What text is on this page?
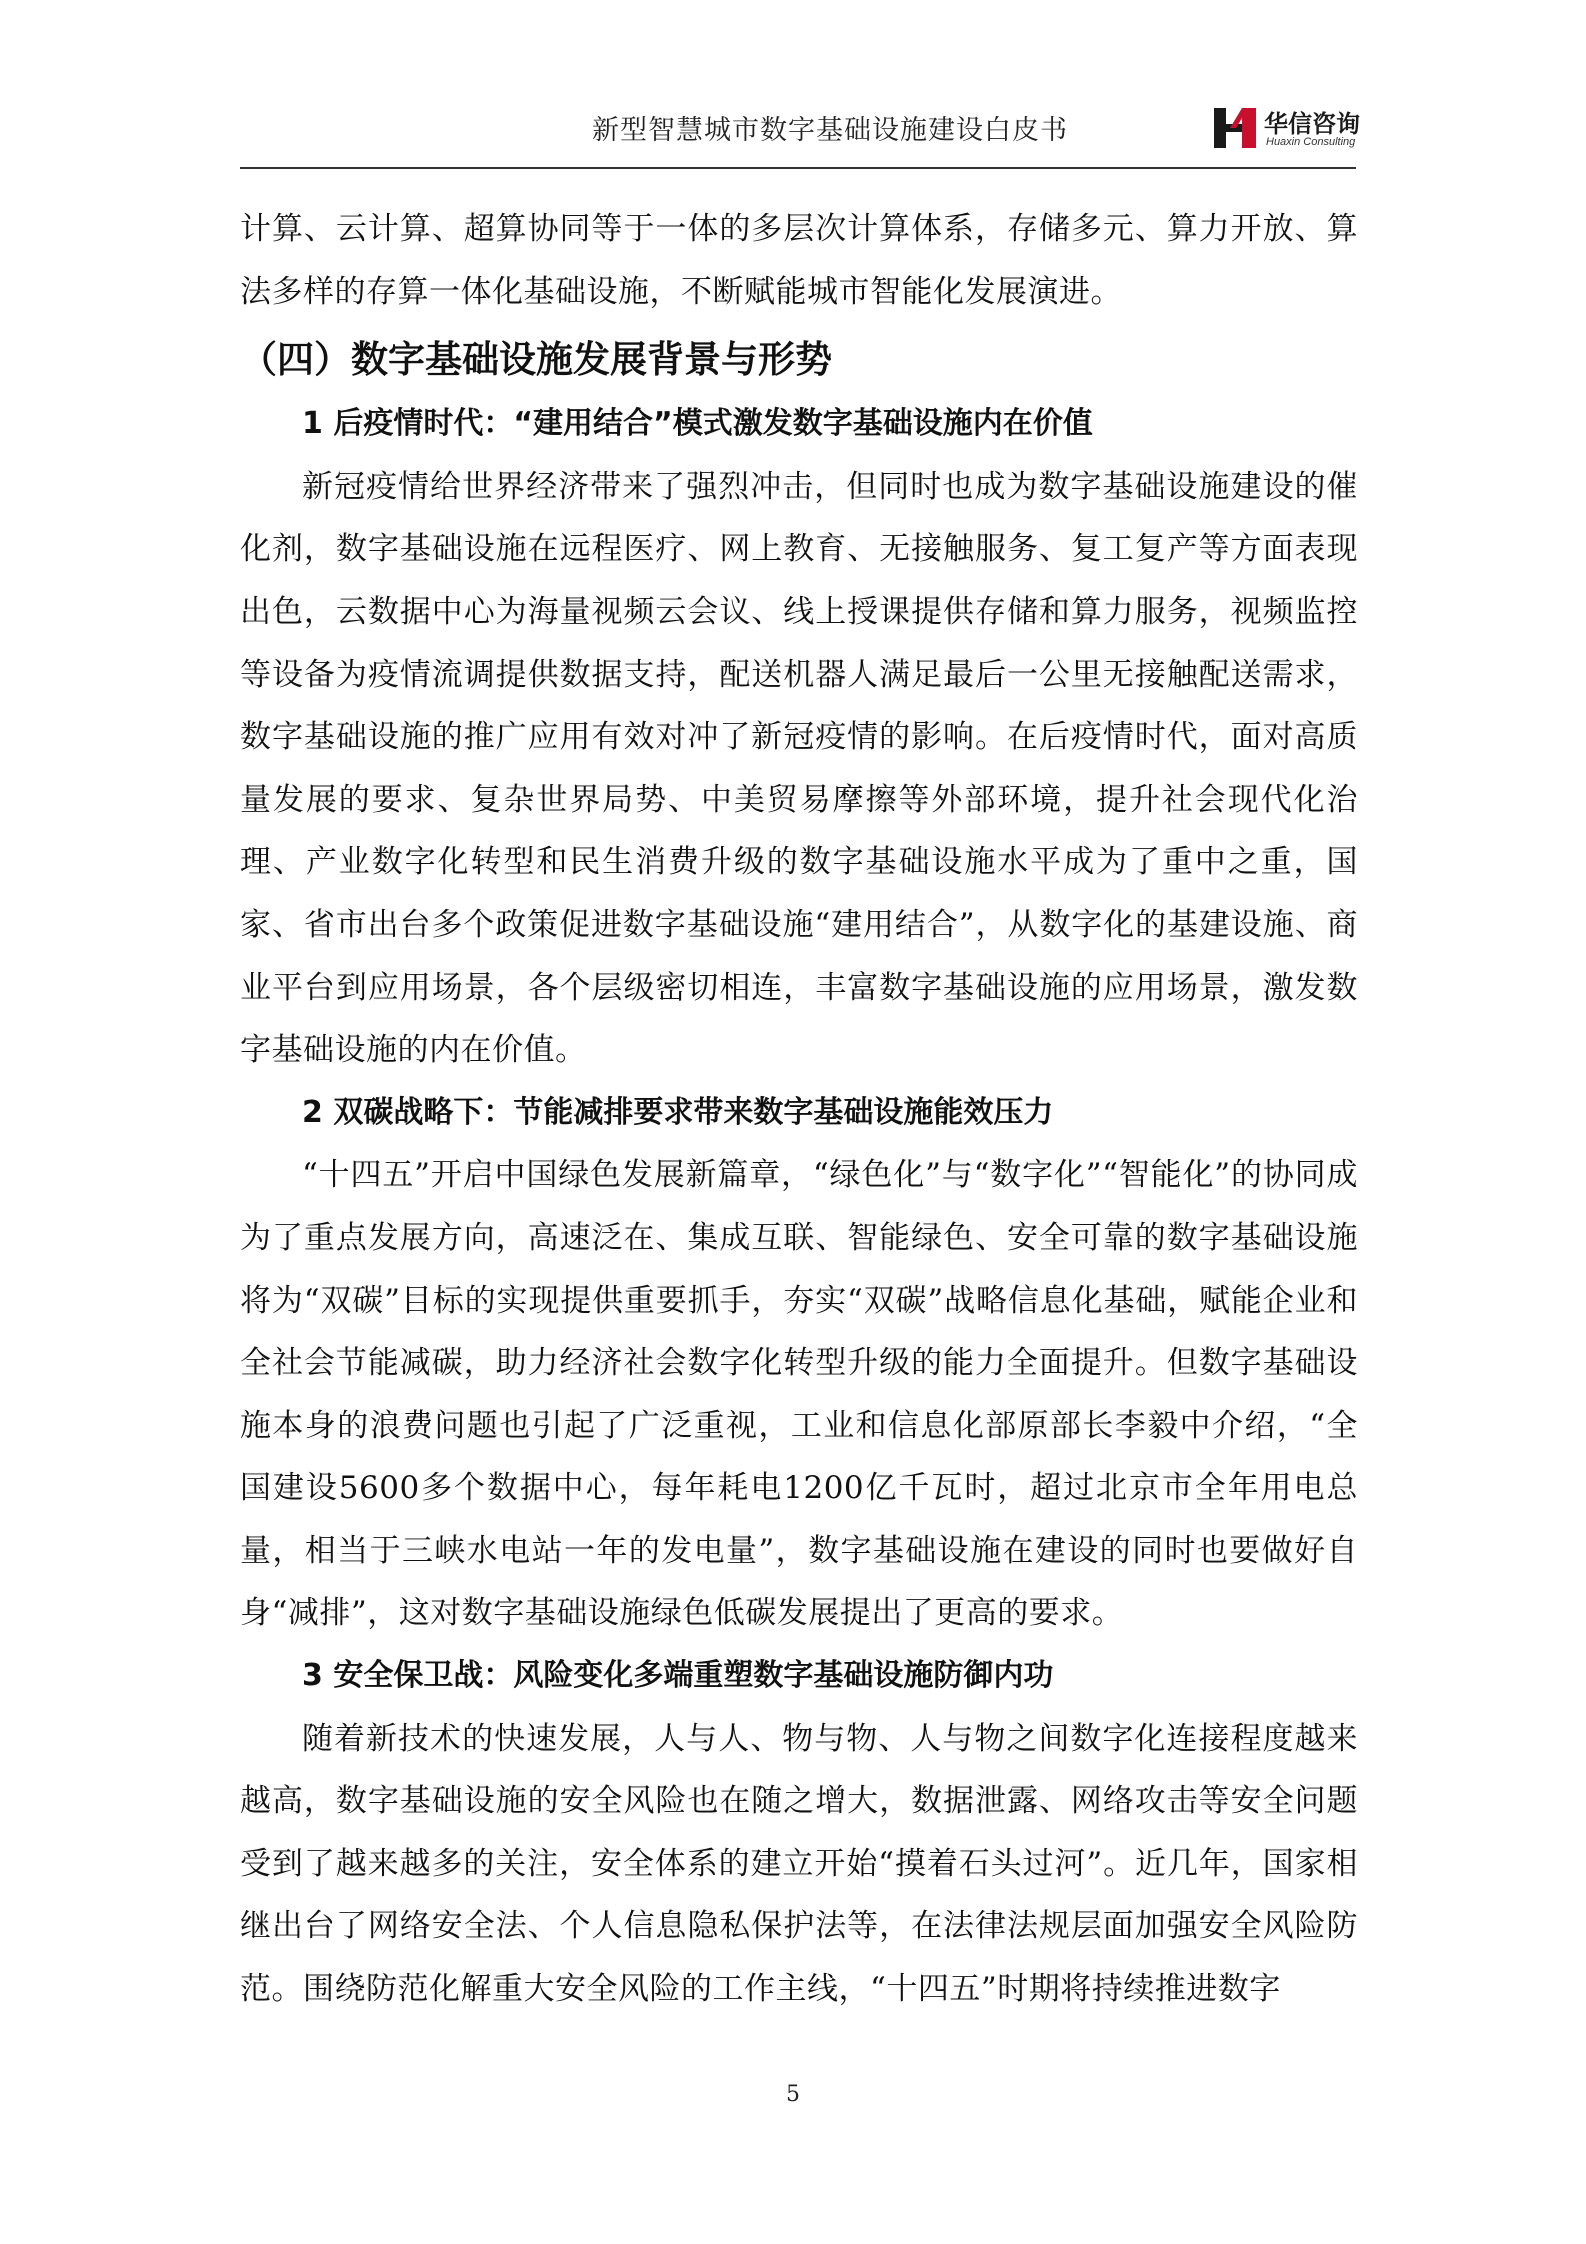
新型智慧城市数字基础设施建设白皮书	华信咨询
Huaxin Consulting

计算、云计算、超算协同等于一体的多层次计算体系，存储多元、算力开放、算法多样的存算一体化基础设施，不断赋能城市智能化发展演进。

（四）数字基础设施发展背景与形势
1 后疫情时代：“建用结合”模式激发数字基础设施内在价值

新冠疫情给世界经济带来了强烈冲击，但同时也成为数字基础设施建设的催化剂，数字基础设施在远程医疗、网上教育、无接触服务、复工复产等方面表现出色，云数据中心为海量视频云会议、线上授课提供存储和算力服务，视频监控等设备为疫情流调提供数据支持，配送机器人满足最后一公里无接触配送需求，数字基础设施的推广应用有效对冲了新冠疫情的影响。在后疫情时代，面对高质量发展的要求、复杂世界局势、中美贸易摩擦等外部环境，提升社会现代化治理、产业数字化转型和民生消费升级的数字基础设施水平成为了重中之重，国家、省市出台多个政策促进数字基础设施“建用结合”，从数字化的基建设施、商业平台到应用场景，各个层级密切相连，丰富数字基础设施的应用场景，激发数字基础设施的内在价值。

2 双碳战略下：节能减排要求带来数字基础设施能效压力

“十四五”开启中国绿色发展新篇章，“绿色化”与“数字化”“智能化”的协同成为了重点发展方向，高速泛在、集成互联、智能绿色、安全可靠的数字基础设施将为“双碳”目标的实现提供重要抓手，夯实“双碳”战略信息化基础，赋能企业和全社会节能减碳，助力经济社会数字化转型升级的能力全面提升。但数字基础设施本身的浪费问题也引起了广泛重视，工业和信息化部原部长李毅中介绍，“全国建设5600多个数据中心，每年耗电1200亿千瓦时，超过北京市全年用电总量，相当于三峡水电站一年的发电量”，数字基础设施在建设的同时也要做好自身“减排”，这对数字基础设施绿色低碳发展提出了更高的要求。

3 安全保卫战：风险变化多端重塑数字基础设施防御内功

随着新技术的快速发展，人与人、物与物、人与物之间数字化连接程度越来越高，数字基础设施的安全风险也在随之增大，数据泄露、网络攻击等安全问题受到了越来越多的关注，安全体系的建立开始“摸着石头过河”。近几年，国家相继出台了网络安全法、个人信息隐私保护法等，在法律法规层面加强安全风险防范。围绕防范化解重大安全风险的工作主线，“十四五”时期将持续推进数字

5
